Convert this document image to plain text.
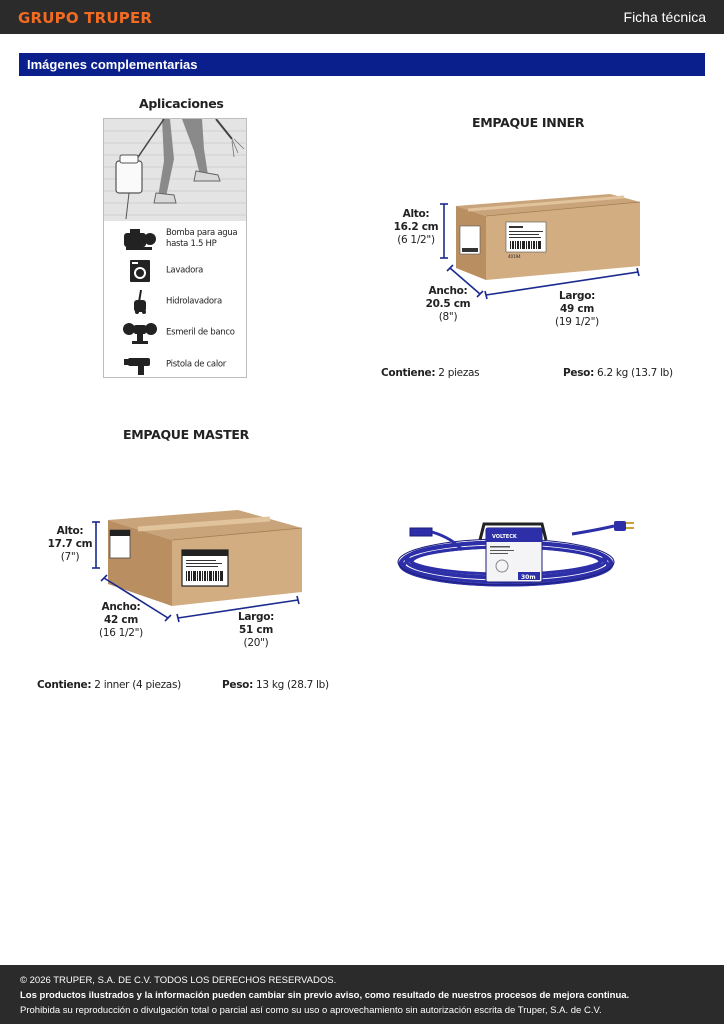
GRUPO TRUPER	Ficha técnica
Imágenes complementarias
Aplicaciones
Bomba para agua
hasta 1.5 HP
Lavadora
Hidrolavadora
Esmeril de banco
Pistola de calor
EMPAQUE INNER
40194
Alto:
16.2 cm
(6 1/2")
Ancho:
20.5 cm
(8")
Largo:
49 cm
(19 1/2")
Contiene: 2 piezas	Peso: 6.2 kg (13.7 lb)
EMPAQUE MASTER
Alto:
17.7 cm
(7")
Ancho:
42 cm
(16 1/2")
Largo:
51 cm
(20")
Contiene: 2 inner (4 piezas)	Peso: 13 kg (28.7 lb)
VOLTECK
30m
© 2026 TRUPER, S.A. DE C.V. TODOS LOS DERECHOS RESERVADOS.
Los productos ilustrados y la información pueden cambiar sin previo aviso, como resultado de nuestros procesos de mejora continua.
Prohibida su reproducción o divulgación total o parcial así como su uso o aprovechamiento sin autorización escrita de Truper, S.A. de C.V.
